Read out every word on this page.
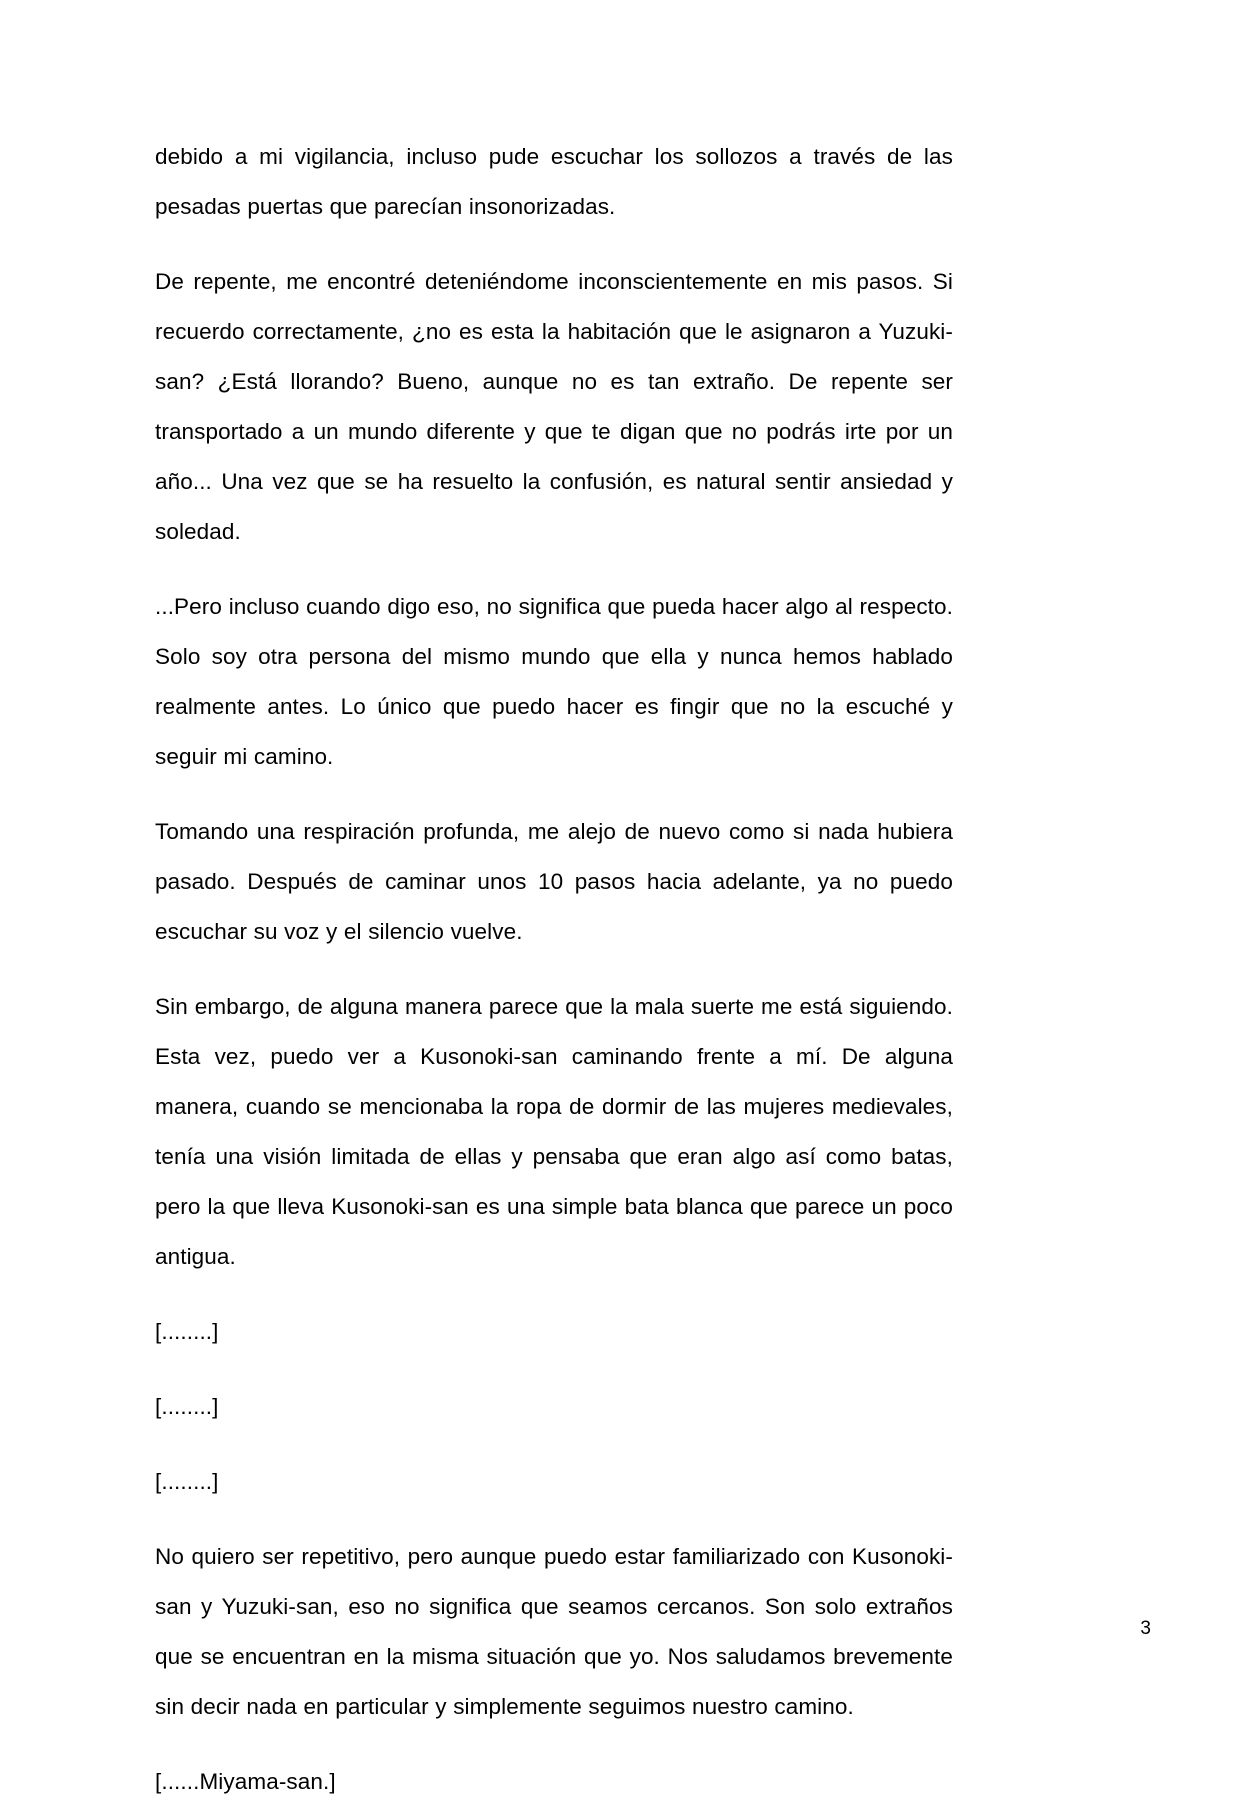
debido a mi vigilancia, incluso pude escuchar los sollozos a través de las pesadas puertas que parecían insonorizadas.

De repente, me encontré deteniéndome inconscientemente en mis pasos. Si recuerdo correctamente, ¿no es esta la habitación que le asignaron a Yuzuki-san? ¿Está llorando? Bueno, aunque no es tan extraño. De repente ser transportado a un mundo diferente y que te digan que no podrás irte por un año... Una vez que se ha resuelto la confusión, es natural sentir ansiedad y soledad.

...Pero incluso cuando digo eso, no significa que pueda hacer algo al respecto. Solo soy otra persona del mismo mundo que ella y nunca hemos hablado realmente antes. Lo único que puedo hacer es fingir que no la escuché y seguir mi camino.

Tomando una respiración profunda, me alejo de nuevo como si nada hubiera pasado. Después de caminar unos 10 pasos hacia adelante, ya no puedo escuchar su voz y el silencio vuelve.

Sin embargo, de alguna manera parece que la mala suerte me está siguiendo. Esta vez, puedo ver a Kusonoki-san caminando frente a mí. De alguna manera, cuando se mencionaba la ropa de dormir de las mujeres medievales, tenía una visión limitada de ellas y pensaba que eran algo así como batas, pero la que lleva Kusonoki-san es una simple bata blanca que parece un poco antigua.

[........]

[........]

[........]

No quiero ser repetitivo, pero aunque puedo estar familiarizado con Kusonoki-san y Yuzuki-san, eso no significa que seamos cercanos. Son solo extraños que se encuentran en la misma situación que yo. Nos saludamos brevemente sin decir nada en particular y simplemente seguimos nuestro camino.

[......Miyama-san.]

3
